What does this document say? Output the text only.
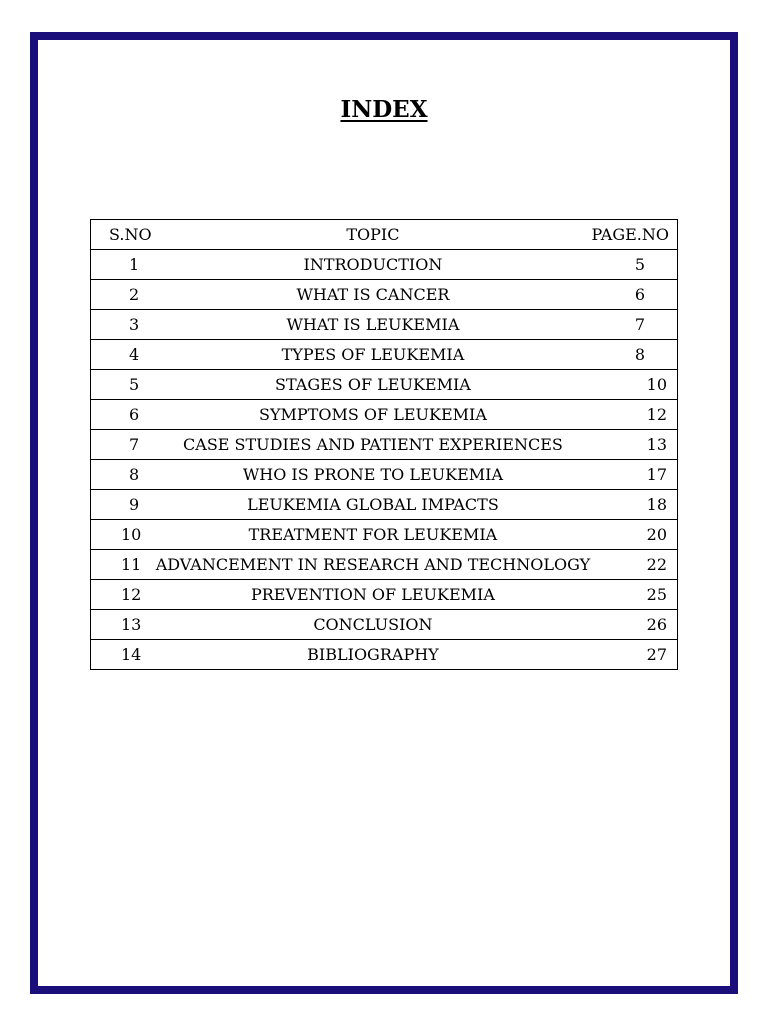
INDEX
S.NO	TOPIC	PAGE.NO
1	INTRODUCTION	5
2	WHAT IS CANCER	6
3	WHAT IS LEUKEMIA	7
4	TYPES OF LEUKEMIA	8
5	STAGES OF LEUKEMIA	10
6	SYMPTOMS OF LEUKEMIA	12
7	CASE STUDIES AND PATIENT EXPERIENCES	13
8	WHO IS PRONE TO LEUKEMIA	17
9	LEUKEMIA GLOBAL IMPACTS	18
10	TREATMENT FOR LEUKEMIA	20
11	ADVANCEMENT IN RESEARCH AND TECHNOLOGY	22
12	PREVENTION OF LEUKEMIA	25
13	CONCLUSION	26
14	BIBLIOGRAPHY	27
